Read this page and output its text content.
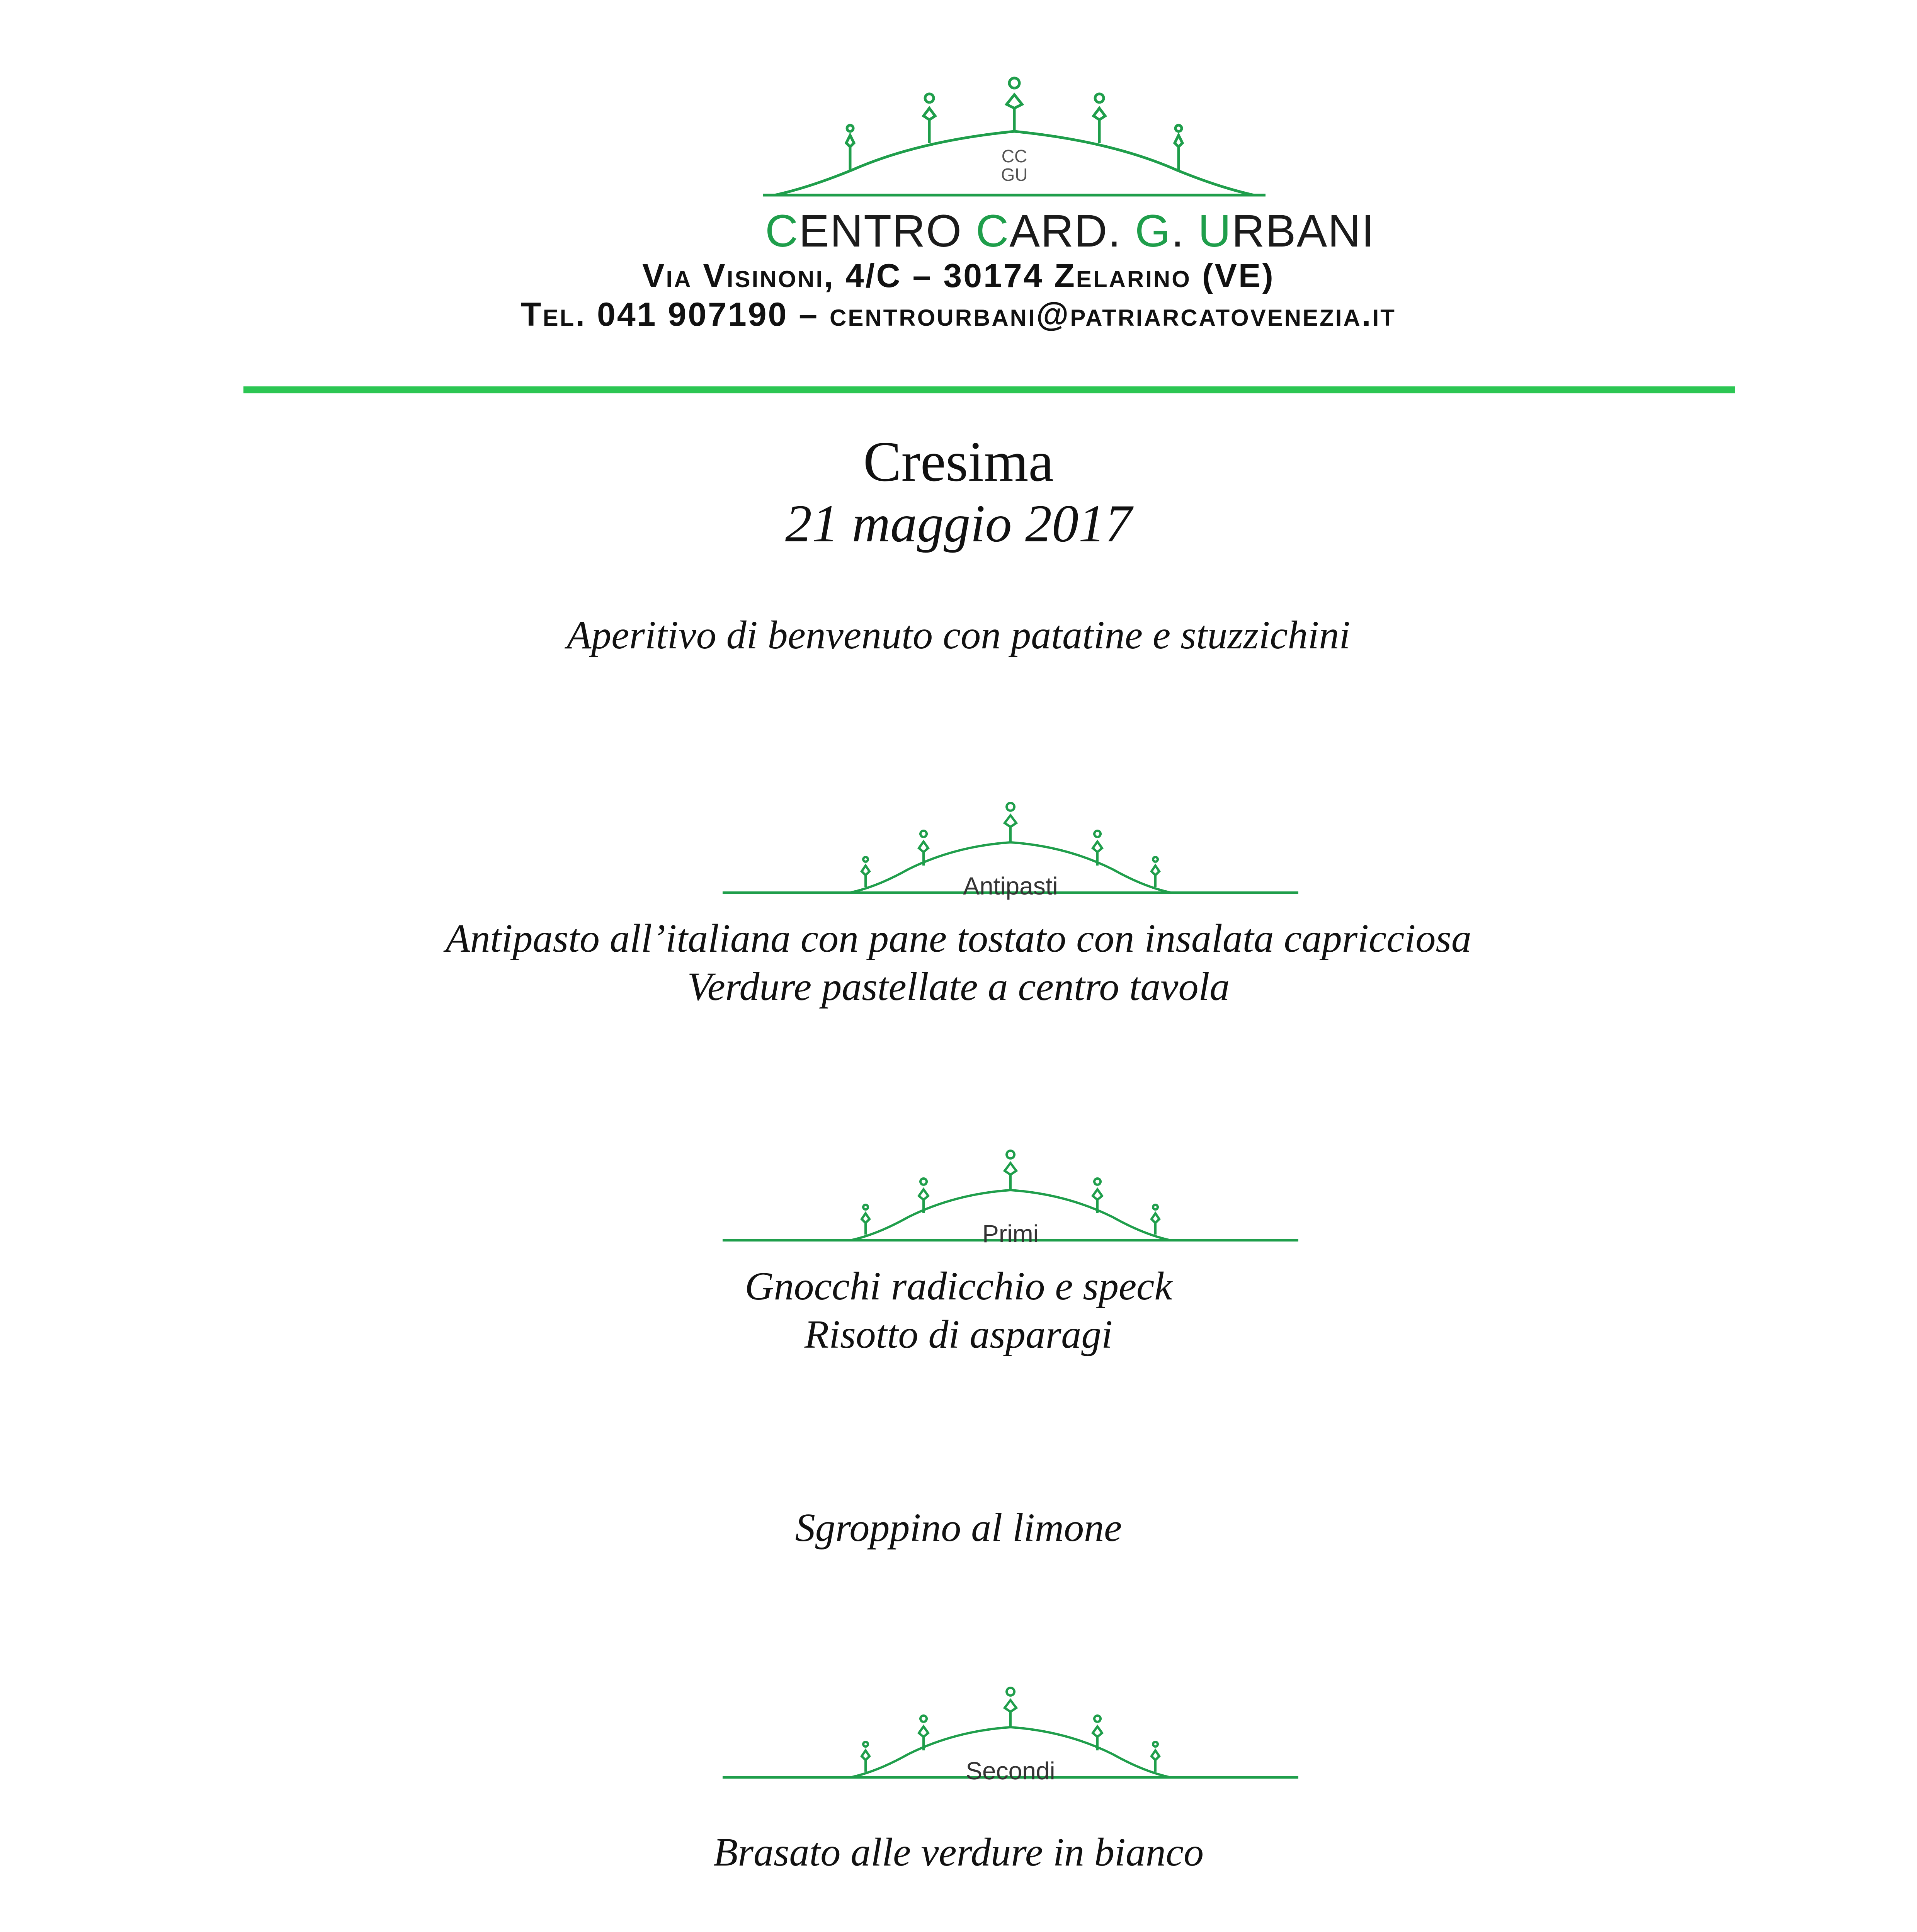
CC GU
CENTRO CARD. G. URBANI
Via Visinoni, 4/C – 30174 Zelarino (VE)
Tel. 041 907190 – centrourbani@patriarcatovenezia.it
Cresima
21 maggio 2017
Aperitivo di benvenuto con patatine e stuzzichini
Antipasti
Antipasto all’italiana con pane tostato con insalata capricciosa
Verdure pastellate a centro tavola
Primi
Gnocchi radicchio e speck
Risotto di asparagi
Sgroppino al limone
Secondi
Brasato alle verdure in bianco
